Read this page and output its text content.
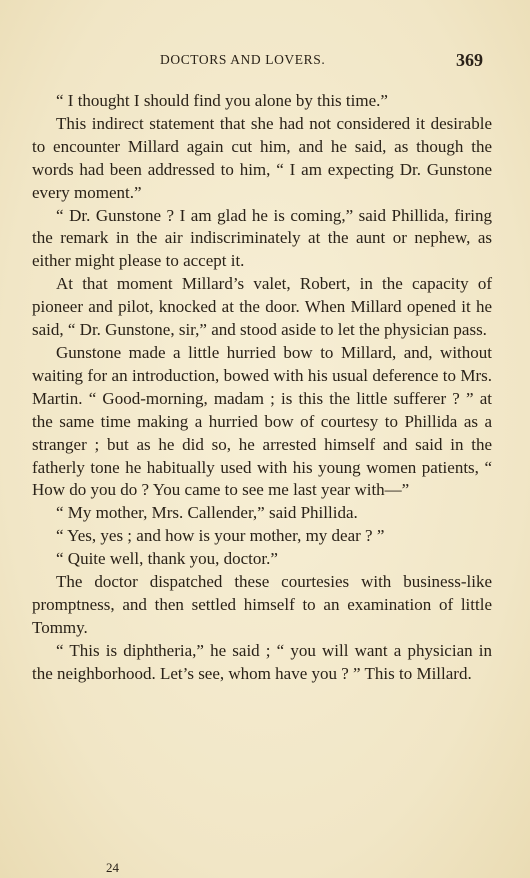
DOCTORS AND LOVERS.	369

“ I thought I should find you alone by this time.”

This indirect statement that she had not considered it desirable to encounter Millard again cut him, and he said, as though the words had been addressed to him, “ I am expecting Dr. Gunstone every moment.”

“ Dr. Gunstone ? I am glad he is coming,” said Phillida, firing the remark in the air indiscriminately at the aunt or nephew, as either might please to accept it.

At that moment Millard’s valet, Robert, in the capacity of pioneer and pilot, knocked at the door. When Millard opened it he said, “ Dr. Gunstone, sir,” and stood aside to let the physician pass.

Gunstone made a little hurried bow to Millard, and, without waiting for an introduction, bowed with his usual deference to Mrs. Martin. “ Good-morning, madam ; is this the little sufferer ? ” at the same time making a hurried bow of courtesy to Phillida as a stranger ; but as he did so, he arrested himself and said in the fatherly tone he habitually used with his young women patients, “ How do you do ? You came to see me last year with—”

“ My mother, Mrs. Callender,” said Phillida.

“ Yes, yes ; and how is your mother, my dear ? ”

“ Quite well, thank you, doctor.”

The doctor dispatched these courtesies with business-like promptness, and then settled himself to an examination of little Tommy.

“ This is diphtheria,” he said ; “ you will want a physician in the neighborhood. Let’s see, whom have you ? ” This to Millard.

24
